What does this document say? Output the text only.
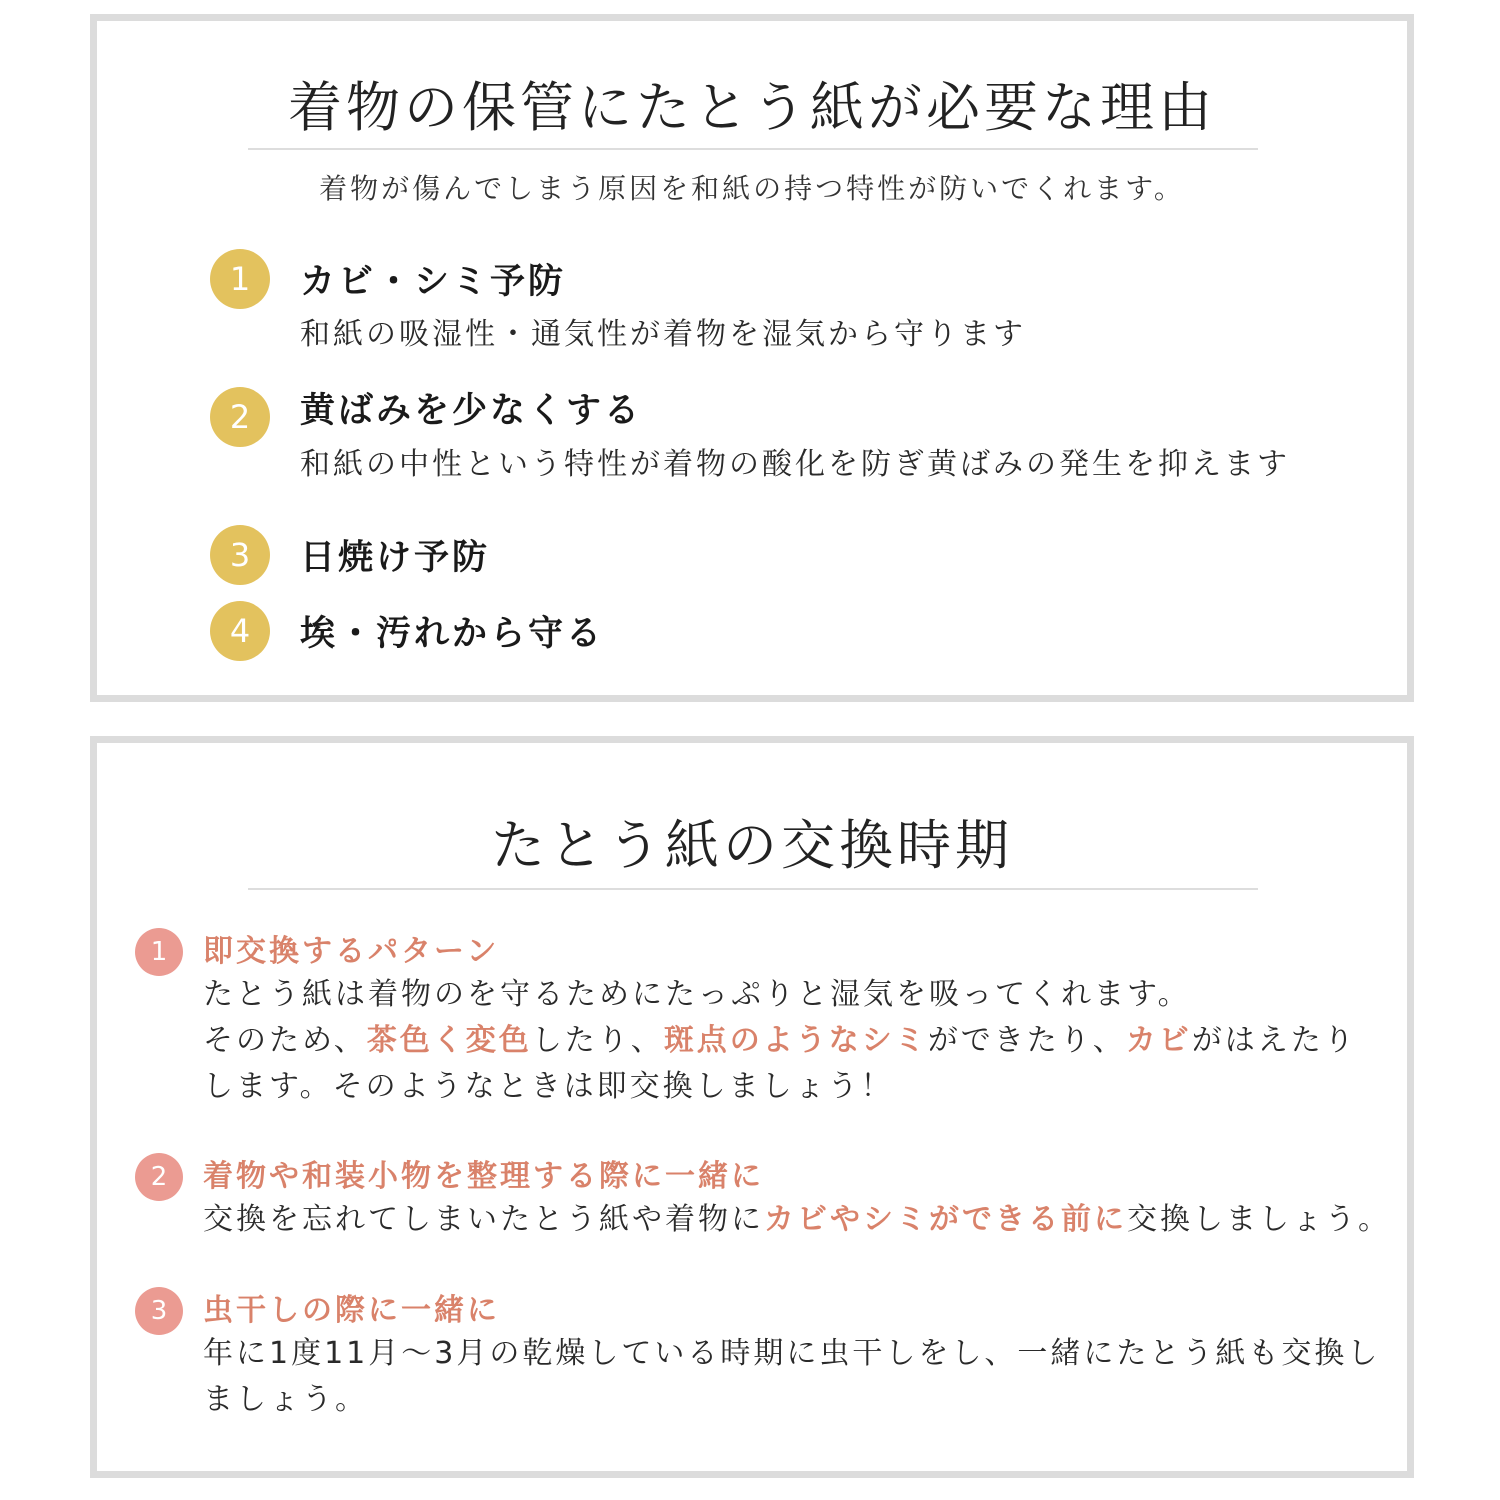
着物の保管にたとう紙が必要な理由
着物が傷んでしまう原因を和紙の持つ特性が防いでくれます。
1	カビ・シミ予防
和紙の吸湿性・通気性が着物を湿気から守ります
2	黄ばみを少なくする
和紙の中性という特性が着物の酸化を防ぎ黄ばみの発生を抑えます
3	日焼け予防
4	埃・汚れから守る
たとう紙の交換時期
1	即交換するパターン
たとう紙は着物のを守るためにたっぷりと湿気を吸ってくれます。
そのため、茶色く変色したり、斑点のようなシミができたり、カビがはえたり
します。そのようなときは即交換しましょう！
2	着物や和装小物を整理する際に一緒に
交換を忘れてしまいたとう紙や着物にカビやシミができる前に交換しましょう。
3	虫干しの際に一緒に
年に1度11月～3月の乾燥している時期に虫干しをし、一緒にたとう紙も交換し
ましょう。
